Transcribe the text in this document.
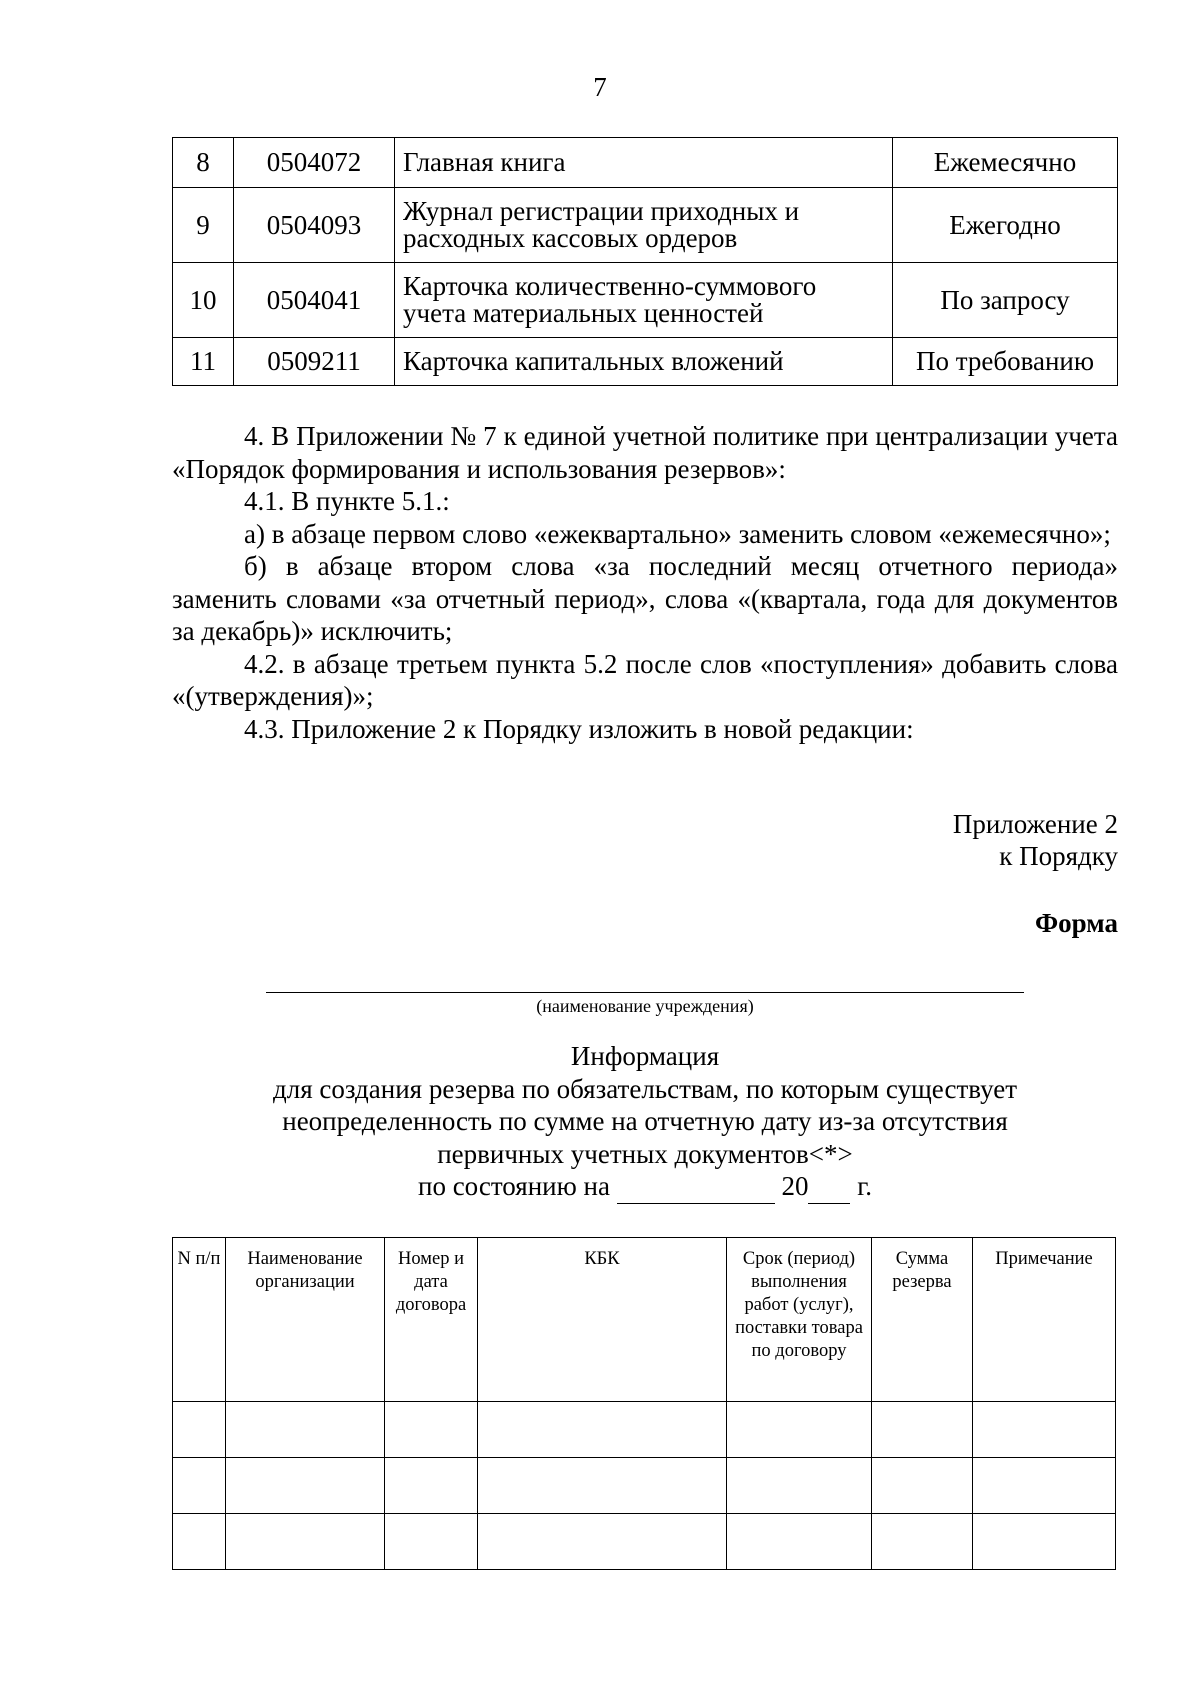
7
8	0504072	Главная книга	Ежемесячно
9	0504093	Журнал регистрации приходных и расходных кассовых ордеров	Ежегодно
10	0504041	Карточка количественно-суммового учета материальных ценностей	По запросу
11	0509211	Карточка капитальных вложений	По требованию

4. В Приложении № 7 к единой учетной политике при централизации учета «Порядок формирования и использования резервов»:

4.1. В пункте 5.1.:

а) в абзаце первом слово «ежеквартально» заменить словом «ежемесячно»;

б) в абзаце втором слова «за последний месяц отчетного периода» заменить словами «за отчетный период», слова «(квартала, года для документов за декабрь)» исключить;

4.2. в абзаце третьем пункта 5.2 после слов «поступления» добавить слова «(утверждения)»;

4.3. Приложение 2 к Порядку изложить в новой редакции:

Приложение 2
к Порядку
Форма
(наименование учреждения)
Информация
для создания резерва по обязательствам, по которым существует
неопределенность по сумме на отчетную дату из-за отсутствия
первичных учетных документов<*>
по состоянию на	20 г.
N п/п	Наименование организации	Номер и дата договора	КБК	Срок (период) выполнения работ (услуг), поставки товара по договору	Сумма резерва	Примечание
